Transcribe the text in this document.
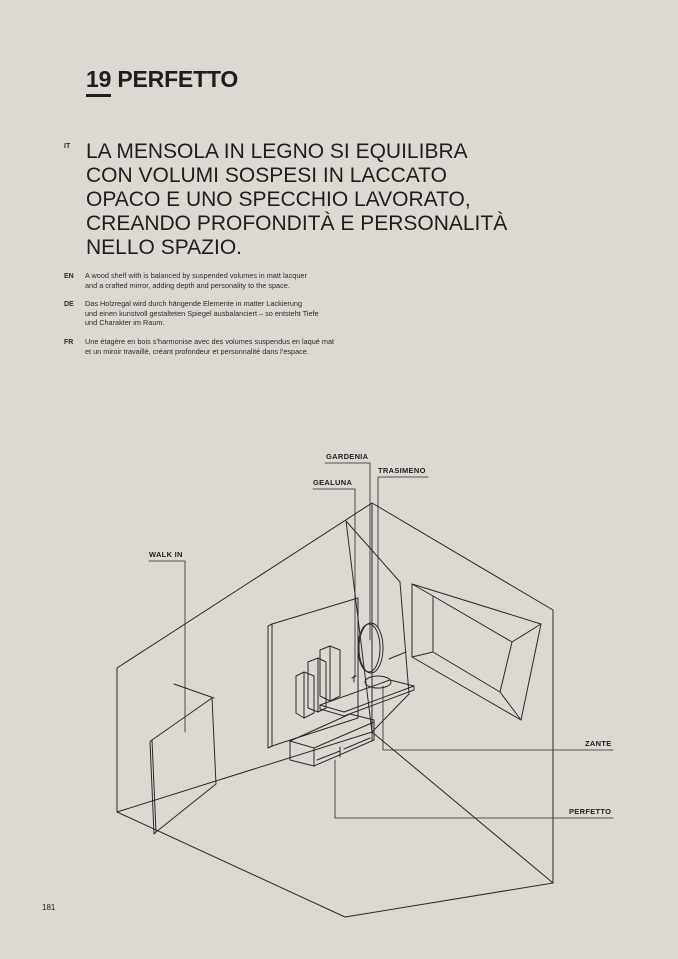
19 PERFETTO
IT LA MENSOLA IN LEGNO SI EQUILIBRA
CON VOLUMI SOSPESI IN LACCATO
OPACO E UNO SPECCHIO LAVORATO,
CREANDO PROFONDITÀ E PERSONALITÀ
NELLO SPAZIO.
EN A wood shelf with is balanced by suspended volumes in matt lacquer
and a crafted mirror, adding depth and personality to the space.
DE Das Holzregal wird durch hängende Elemente in matter Lackierung
und einen kunstvoll gestalteten Spiegel ausbalanciert – so entsteht Tiefe
und Charakter im Raum.
FR Une étagère en bois s’harmonise avec des volumes suspendus en laqué mat
et un miroir travaillé, créant profondeur et personnalité dans l’espace.
GARDENIA
TRASIMENO
GEALUNA
WALK IN
ZANTE
PERFETTO
181
